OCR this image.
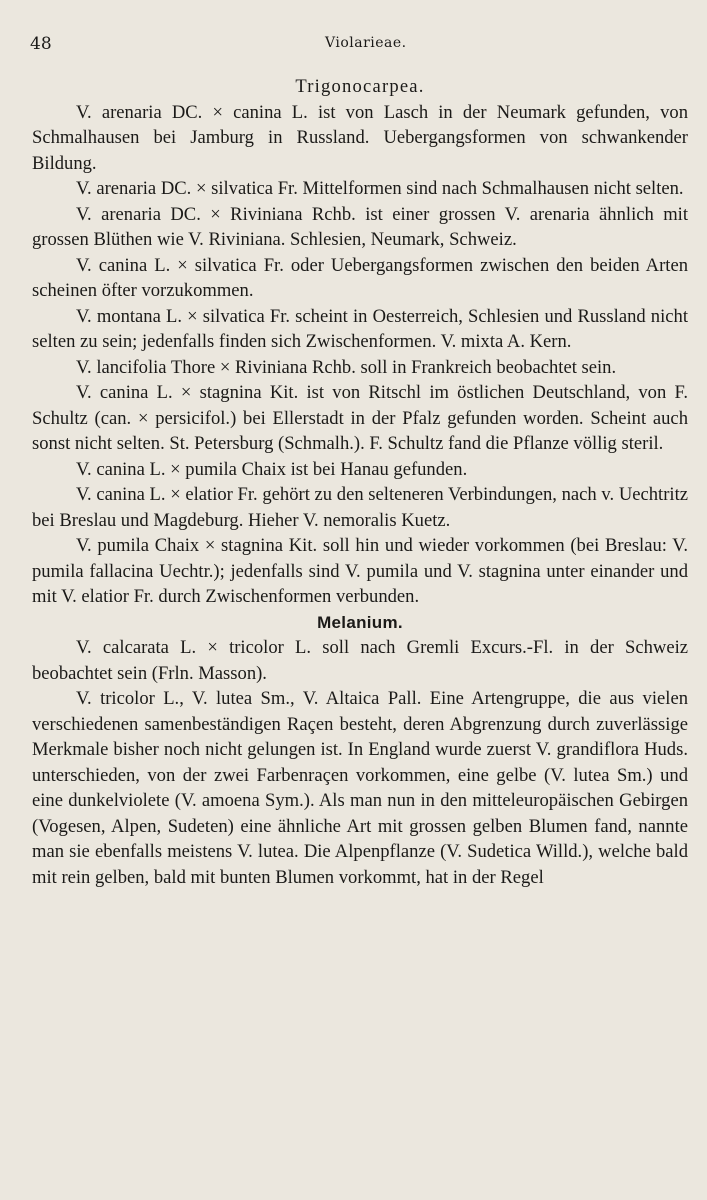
48	Violarieae.
Trigonocarpea.

V. arenaria DC. × canina L. ist von Lasch in der Neumark gefunden, von Schmalhausen bei Jamburg in Russland. Uebergangsformen von schwankender Bildung.

V. arenaria DC. × silvatica Fr. Mittelformen sind nach Schmalhausen nicht selten.

V. arenaria DC. × Riviniana Rchb. ist einer grossen V. arenaria ähnlich mit grossen Blüthen wie V. Riviniana. Schlesien, Neumark, Schweiz.

V. canina L. × silvatica Fr. oder Uebergangsformen zwischen den beiden Arten scheinen öfter vorzukommen.

V. montana L. × silvatica Fr. scheint in Oesterreich, Schlesien und Russland nicht selten zu sein; jedenfalls finden sich Zwischenformen. V. mixta A. Kern.

V. lancifolia Thore × Riviniana Rchb. soll in Frankreich beobachtet sein.

V. canina L. × stagnina Kit. ist von Ritschl im östlichen Deutschland, von F. Schultz (can. × persicifol.) bei Ellerstadt in der Pfalz gefunden worden. Scheint auch sonst nicht selten. St. Petersburg (Schmalh.). F. Schultz fand die Pflanze völlig steril.

V. canina L. × pumila Chaix ist bei Hanau gefunden.

V. canina L. × elatior Fr. gehört zu den selteneren Verbindungen, nach v. Uechtritz bei Breslau und Magdeburg. Hieher V. nemoralis Kuetz.

V. pumila Chaix × stagnina Kit. soll hin und wieder vorkommen (bei Breslau: V. pumila fallacina Uechtr.); jedenfalls sind V. pumila und V. stagnina unter einander und mit V. elatior Fr. durch Zwischenformen verbunden.

Melanium.

V. calcarata L. × tricolor L. soll nach Gremli Excurs.-Fl. in der Schweiz beobachtet sein (Frln. Masson).

V. tricolor L., V. lutea Sm., V. Altaica Pall. Eine Artengruppe, die aus vielen verschiedenen samenbeständigen Raçen besteht, deren Abgrenzung durch zuverlässige Merkmale bisher noch nicht gelungen ist. In England wurde zuerst V. grandiflora Huds. unterschieden, von der zwei Farbenraçen vorkommen, eine gelbe (V. lutea Sm.) und eine dunkelviolete (V. amoena Sym.). Als man nun in den mitteleuropäischen Gebirgen (Vogesen, Alpen, Sudeten) eine ähnliche Art mit grossen gelben Blumen fand, nannte man sie ebenfalls meistens V. lutea. Die Alpenpflanze (V. Sudetica Willd.), welche bald mit rein gelben, bald mit bunten Blumen vorkommt, hat in der Regel
